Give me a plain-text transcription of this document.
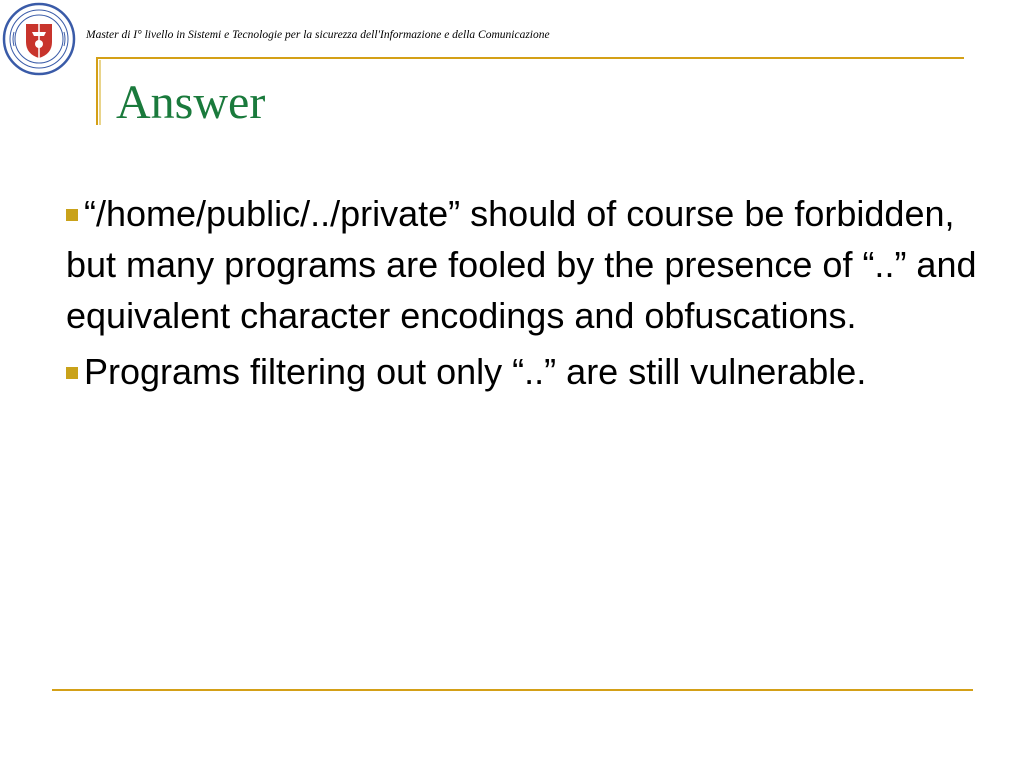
Master di I° livello in Sistemi e Tecnologie per la sicurezza dell'Informazione e della Comunicazione
Answer
“/home/public/../private” should of course be forbidden, but many programs are fooled by the presence of “..” and equivalent character encodings and obfuscations.
Programs filtering out only “..” are still vulnerable.
